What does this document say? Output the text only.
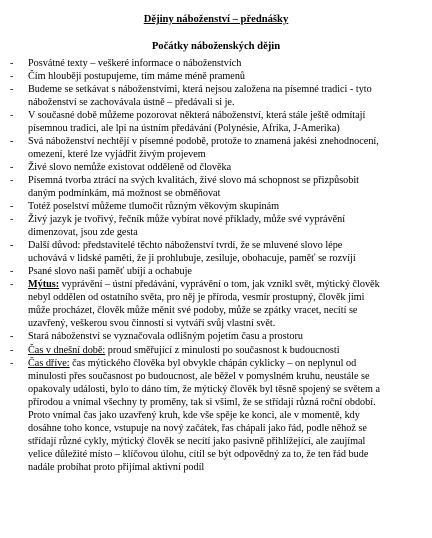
Dějiny náboženství – přednášky
Počátky náboženských dějin
- Posvátné texty – veškeré informace o náboženstvích
- Čím hlouběji postupujeme, tím máme méně pramenů
- Budeme se setkávat s náboženstvími, která nejsou založena na písemné tradici - tyto
náboženství se zachovávala ústně – předávali si je.
- V současné době můžeme pozorovat některá náboženství, která stále ještě odmítají
písemnou tradici, ale lpí na ústním předávání (Polynésie, Afrika, J-Amerika)
- Svá náboženství nechtějí v písemné podobě, protože to znamená jakési znehodnocení,
omezení, které lze vyjádřit živým projevem
- Živé slovo nemůže existovat odděleně od člověka
- Písemná tvorba ztrácí na svých kvalitách, živé slovo má schopnost se přizpůsobit
daným podmínkám, má možnost se obměňovat
- Totéž poselství můžeme tlumočit různým věkovým skupinám
- Živý jazyk je tvořivý, řečník může vybírat nové příklady, může své vyprávění
dimenzovat, jsou zde gesta
- Další důvod: představitelé těchto náboženství tvrdí, že se mluvené slovo lépe
uchovává v lidské paměti, že ji prohlubuje, zesiluje, obohacuje, paměť se rozvíjí
- Psané slovo naši paměť ubíjí a ochabuje
- Mýtus: vyprávění – ústní předávání, vyprávění o tom, jak vznikl svět, mýtický člověk
nebyl oddělen od ostatního světa, pro něj je příroda, vesmír prostupný, člověk jimi
může procházet, člověk může měnit své podoby, může se zpátky vracet, necítí se
uzavřený, veškerou svou činností si vytváří svůj vlastní svět.
- Stará náboženství se vyznačovala odlišným pojetím času a prostoru
- Čas v dnešní době: proud směřující z minulosti po současnost k budoucnosti
- Čas dříve: čas mýtického člověka byl obvykle chápán cyklicky – on neplynul od
minulosti přes současnost po budoucnost, ale běžel v pomyslném kruhu, neustále se
opakovaly události, bylo to dáno tím, že mýtický člověk byl těsně spojený se světem a
přírodou a vnímal všechny ty proměny, tak si všiml, že se střídají různá roční období.
Proto vnímal čas jako uzavřený kruh, kde vše spěje ke konci, ale v momentě, kdy
dosáhne toho konce, vstupuje na nový začátek, řas chápali jako řád, podle něhož se
střídají různé cykly, mýtický člověk se necítí jako pasivně přihlížející, ale zaujímal
velice důležité místo – klíčovou úlohu, cítil se být odpovědný za to, že ten řád bude
nadále probíhat proto přijímal aktivní podíl
